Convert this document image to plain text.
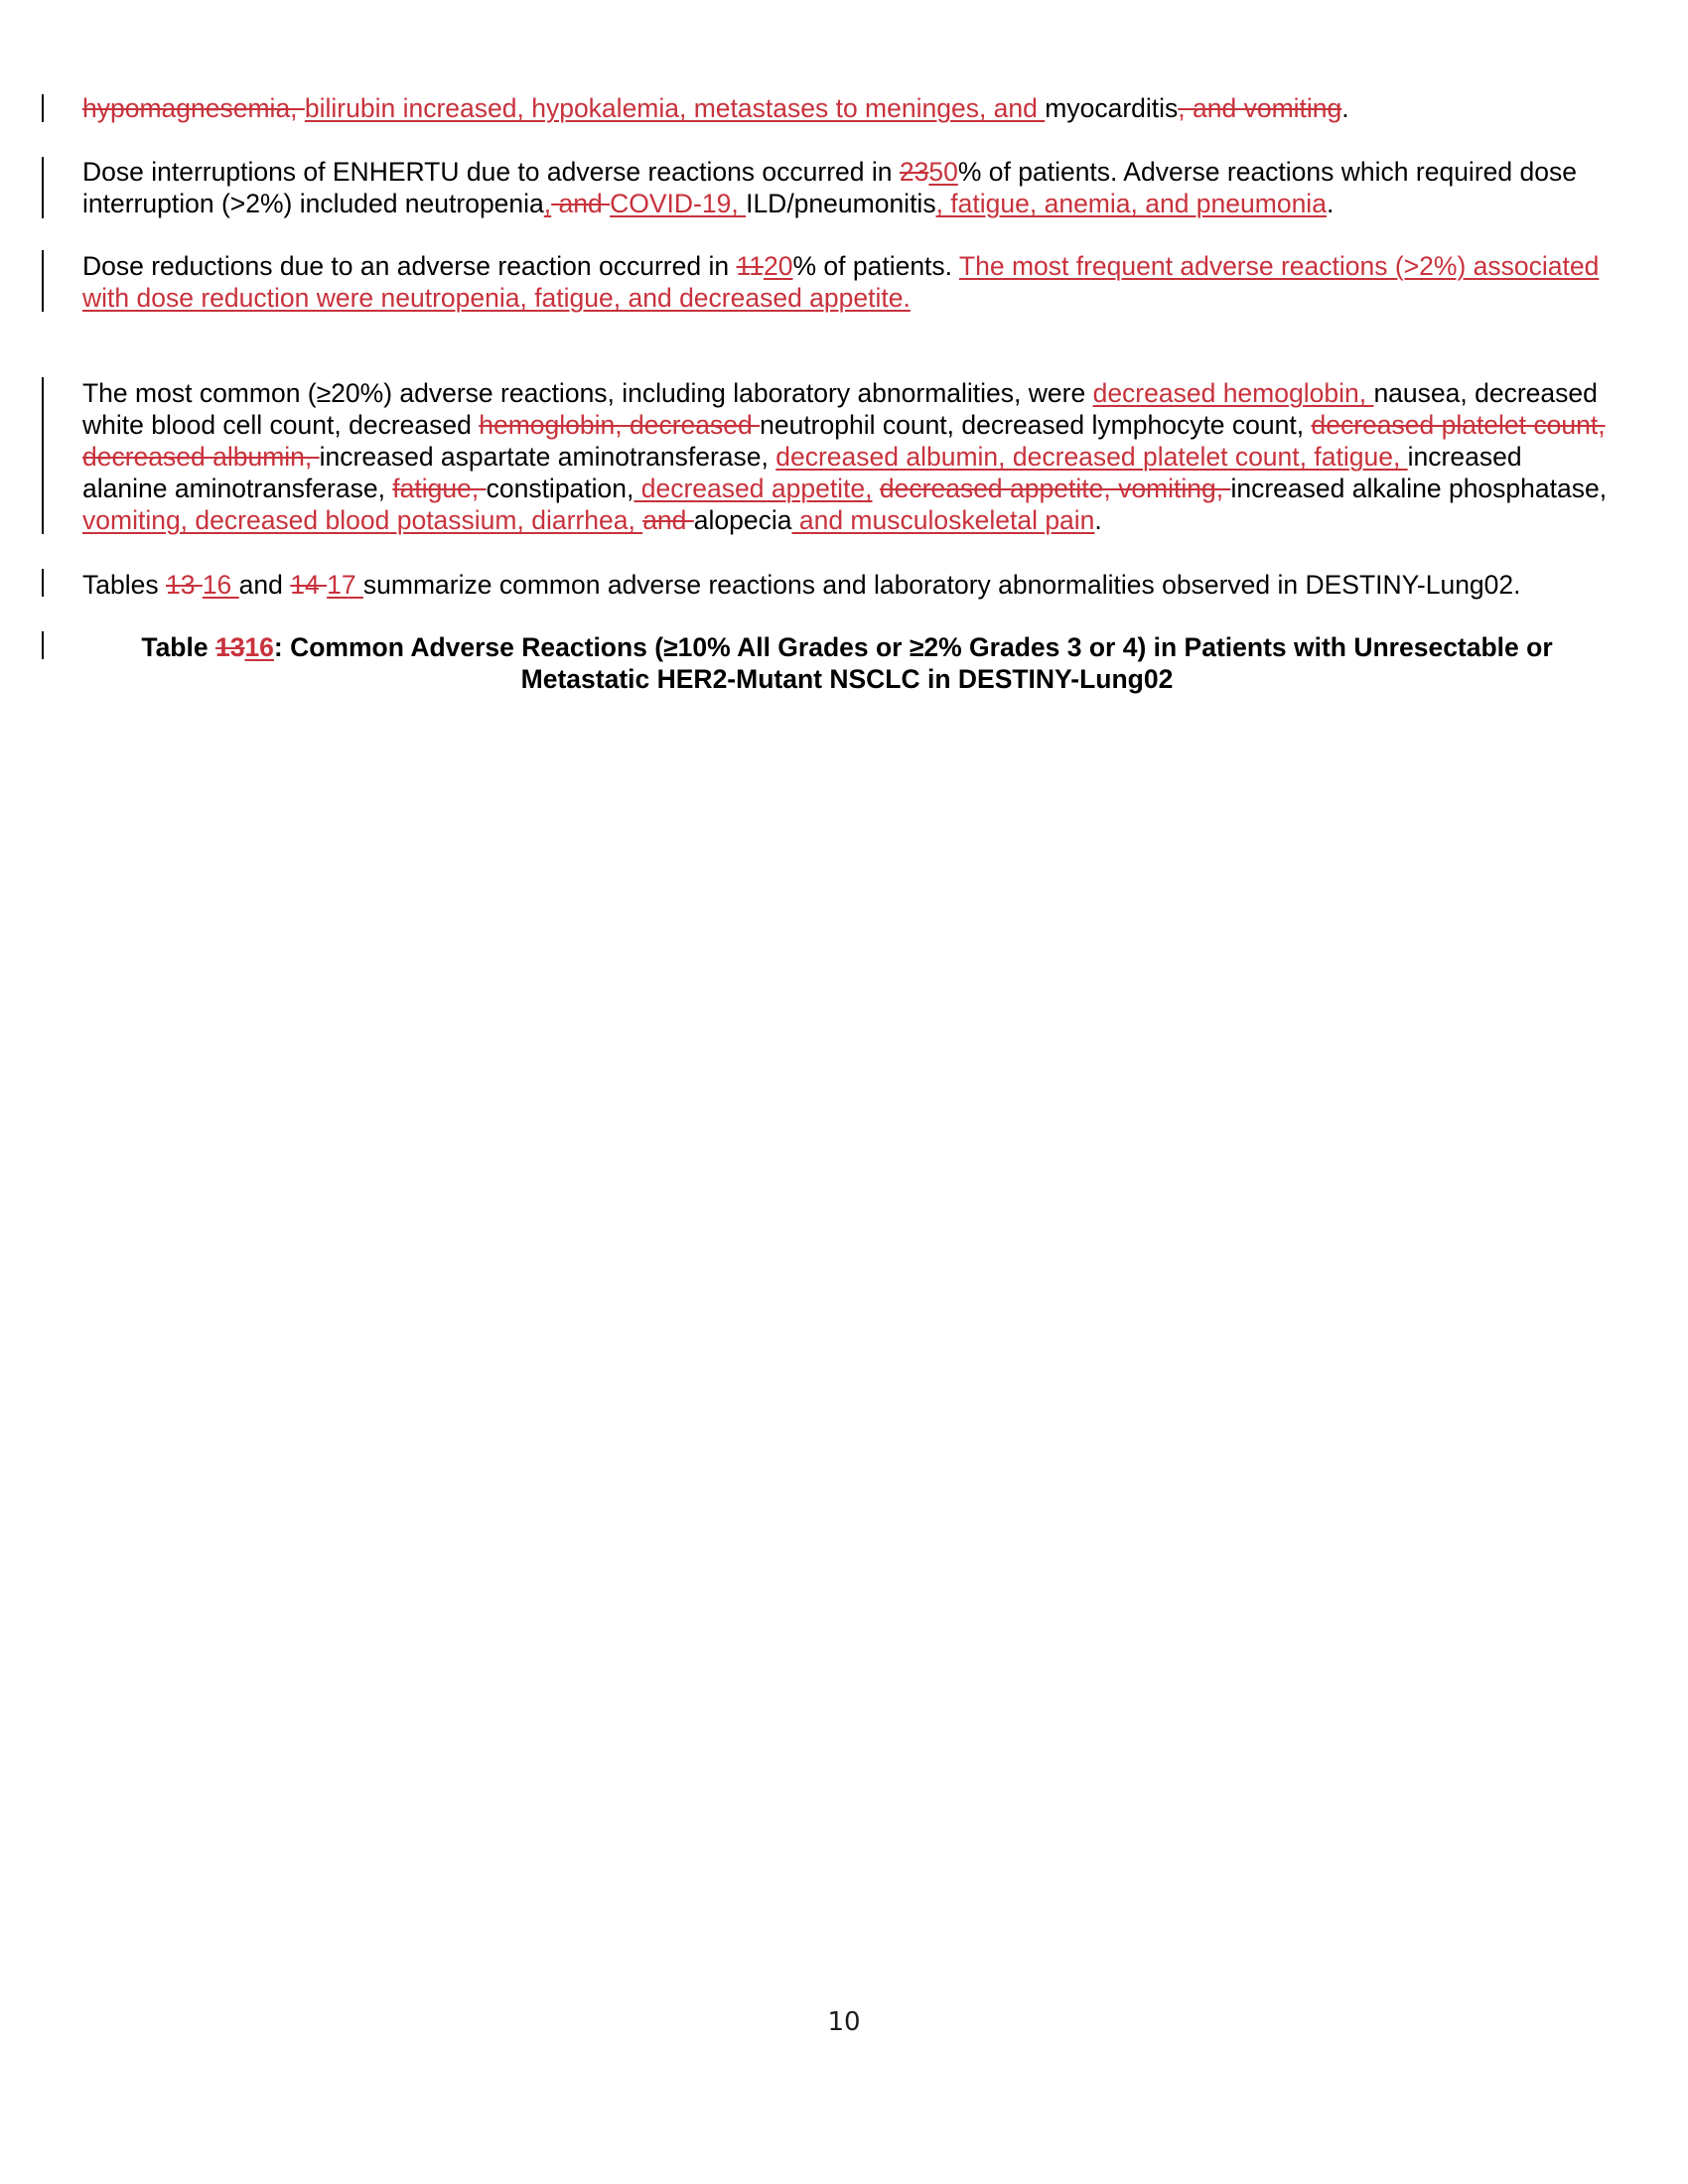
hypomagnesemia, bilirubin increased, hypokalemia, metastases to meninges, and myocarditis, and vomiting.

Dose interruptions of ENHERTU due to adverse reactions occurred in 2350% of patients. Adverse reactions which required dose interruption (>2%) included neutropenia, and COVID-19, ILD/pneumonitis, fatigue, anemia, and pneumonia.

Dose reductions due to an adverse reaction occurred in 1120% of patients. The most frequent adverse reactions (>2%) associated with dose reduction were neutropenia, fatigue, and decreased appetite.

The most common (≥20%) adverse reactions, including laboratory abnormalities, were decreased hemoglobin, nausea, decreased white blood cell count, decreased hemoglobin, decreased neutrophil count, decreased lymphocyte count, decreased platelet count, decreased albumin, increased aspartate aminotransferase, decreased albumin, decreased platelet count, fatigue, increased alanine aminotransferase, fatigue, constipation, decreased appetite, decreased appetite, vomiting, increased alkaline phosphatase, vomiting, decreased blood potassium, diarrhea, and alopecia and musculoskeletal pain.

Tables 13 16 and 14 17 summarize common adverse reactions and laboratory abnormalities observed in DESTINY-Lung02.

Table 1316: Common Adverse Reactions (≥10% All Grades or ≥2% Grades 3 or 4) in Patients with Unresectable or Metastatic HER2-Mutant NSCLC in DESTINY-Lung02

10
